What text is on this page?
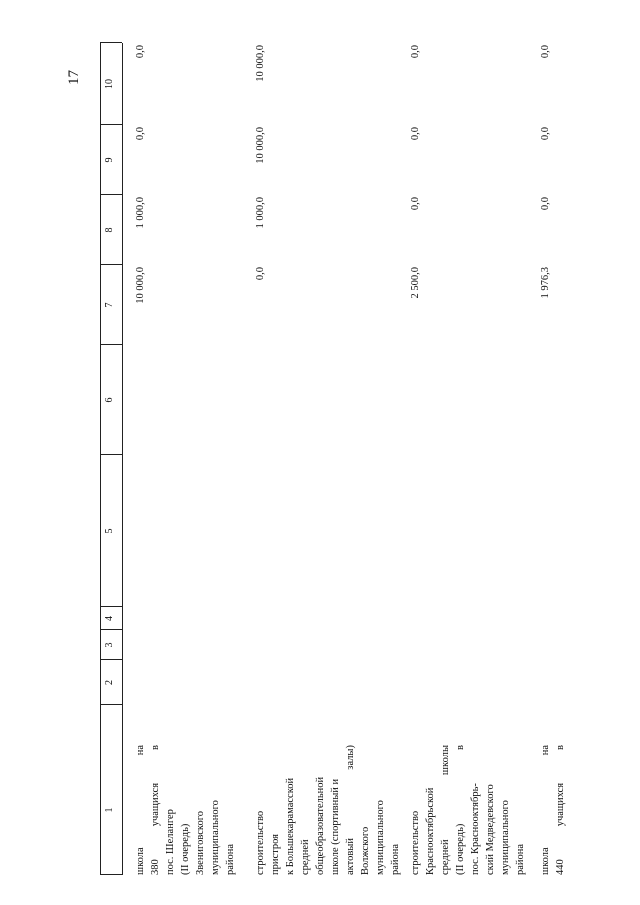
17
1
2
3
4
5
6
7
8
9
10
школа
на
380
учащихся
в
пос. Шелангер (II очередь) Звениговского муниципального района
10 000,0
1 000,0
0,0
0,0
строительство пристроя к Большекарамасской средней общеобразовательной школе (спортивный и актовый
залы)
Волжского муниципального района
0,0
1 000,0
10 000,0
10 000,0
строительство Краснооктябрьской средней
школы
(II очередь)
в
пос. Краснооктябрь- ский Медведевского муниципального района
2 500,0
0,0
0,0
0,0
школа
на
440
учащихся
в
1 976,3
0,0
0,0
0,0
